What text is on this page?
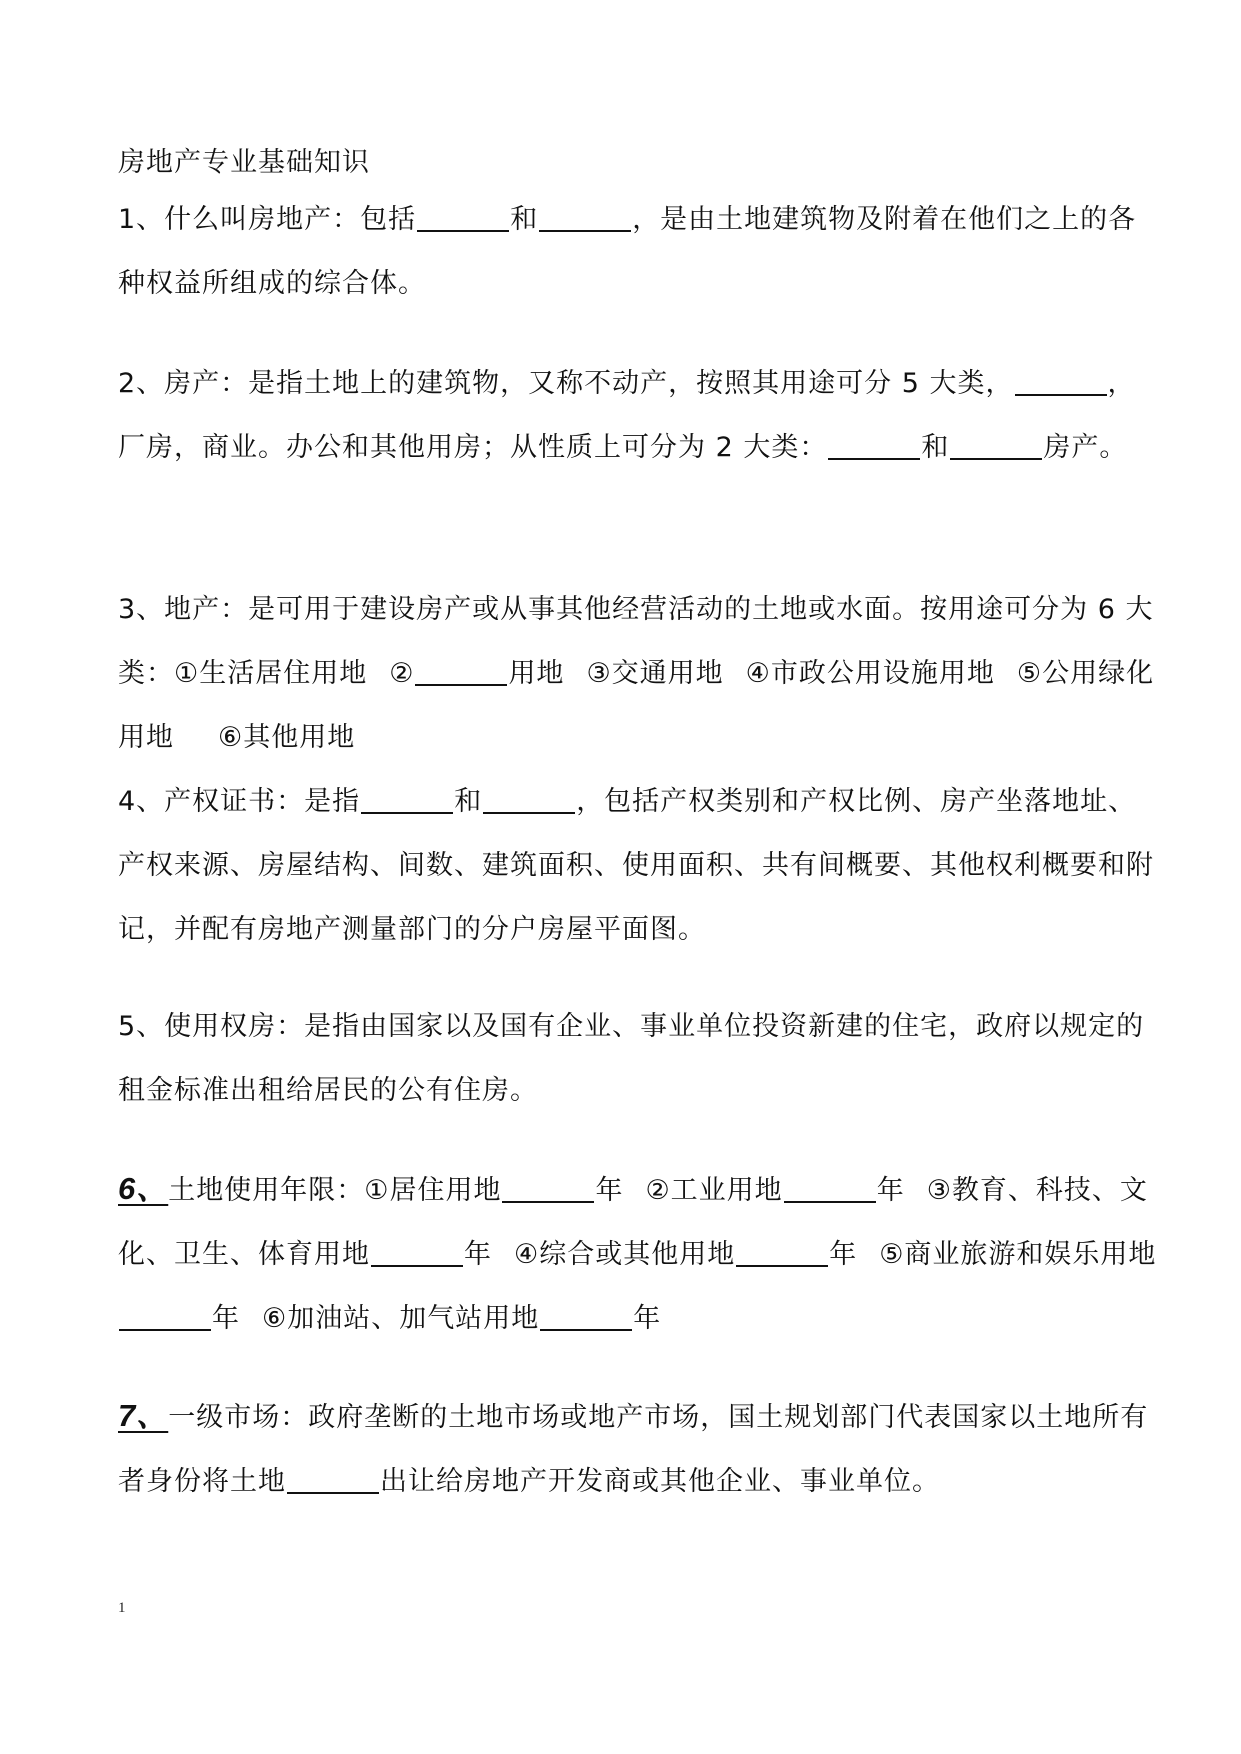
房地产专业基础知识
1、什么叫房地产：包括	和	，是由土地建筑物及附着在他们之上的各种权益所组成的综合体。
2、房产：是指土地上的建筑物，又称不动产，按照其用途可分 5 大类，	，厂房，商业。办公和其他用房；从性质上可分为 2 大类：	和	房产。
3、地产：是可用于建设房产或从事其他经营活动的土地或水面。按用途可分为 6 大类：①生活居住用地 ②	用地 ③交通用地 ④市政公用设施用地 ⑤公用绿化用地 ⑥其他用地
4、产权证书：是指	和	，包括产权类别和产权比例、房产坐落地址、产权来源、房屋结构、间数、建筑面积、使用面积、共有间概要、其他权利概要和附记，并配有房地产测量部门的分户房屋平面图。
5、使用权房：是指由国家以及国有企业、事业单位投资新建的住宅，政府以规定的租金标准出租给居民的公有住房。
6、土地使用年限：①居住用地	年 ②工业用地	年 ③教育、科技、文化、卫生、体育用地	年 ④综合或其他用地	年 ⑤商业旅游和娱乐用地年 ⑥加油站、加气站用地	年
7、一级市场：政府垄断的土地市场或地产市场，国土规划部门代表国家以土地所有者身份将土地	出让给房地产开发商或其他企业、事业单位。
1
